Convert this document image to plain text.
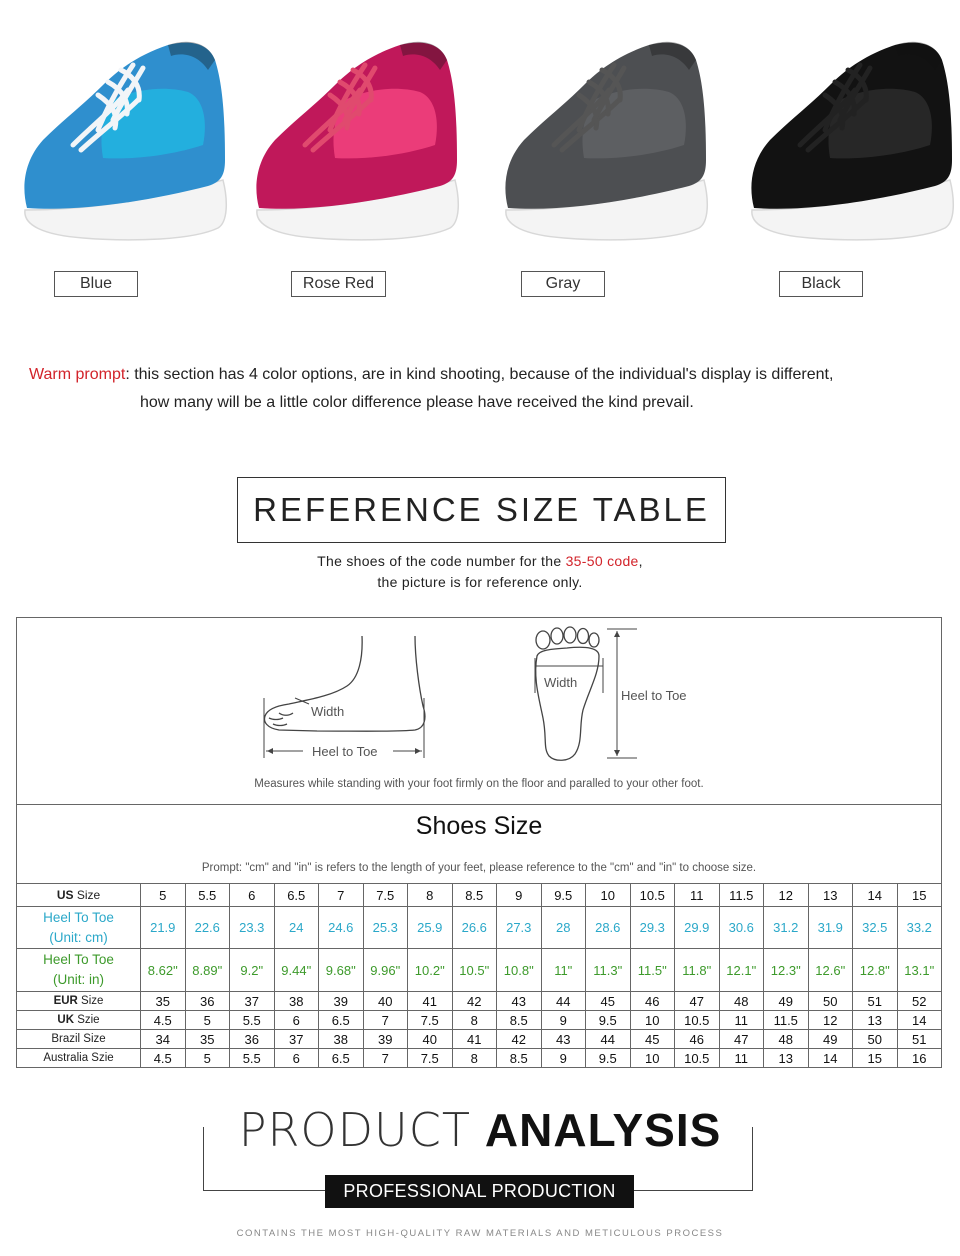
Blue	Rose Red	Gray	Black
Warm prompt: this section has 4 color options, are in kind shooting, because of the individual's display is different,
how many will be a little color difference please have received the kind prevail.
REFERENCE SIZE TABLE
The shoes of the code number for the 35-50 code,
the picture is for reference only.
Width
Heel to Toe
Width
Heel to Toe
Measures while standing with your foot firmly on the floor and paralled to your other foot.
Shoes Size
Prompt: "cm" and "in" is refers to the length of your feet, please reference to the "cm" and "in" to choose size.
US Size	5	5.5	6	6.5	7	7.5	8	8.5	9	9.5	10	10.5	11	11.5	12	13	14	15
Heel To Toe
(Unit: cm)	21.9	22.6	23.3	24	24.6	25.3	25.9	26.6	27.3	28	28.6	29.3	29.9	30.6	31.2	31.9	32.5	33.2
Heel To Toe
(Unit: in)	8.62"	8.89"	9.2"	9.44"	9.68"	9.96"	10.2"	10.5"	10.8"	11"	11.3"	11.5"	11.8"	12.1"	12.3"	12.6"	12.8"	13.1"
EUR Size	35	36	37	38	39	40	41	42	43	44	45	46	47	48	49	50	51	52
UK Szie	4.5	5	5.5	6	6.5	7	7.5	8	8.5	9	9.5	10	10.5	11	11.5	12	13	14
Brazil Size	34	35	36	37	38	39	40	41	42	43	44	45	46	47	48	49	50	51
Australia Szie	4.5	5	5.5	6	6.5	7	7.5	8	8.5	9	9.5	10	10.5	11	13	14	15	16
PRODUCT ANALYSIS
PROFESSIONAL PRODUCTION
CONTAINS THE MOST HIGH-QUALITY RAW MATERIALS AND METICULOUS PROCESS
